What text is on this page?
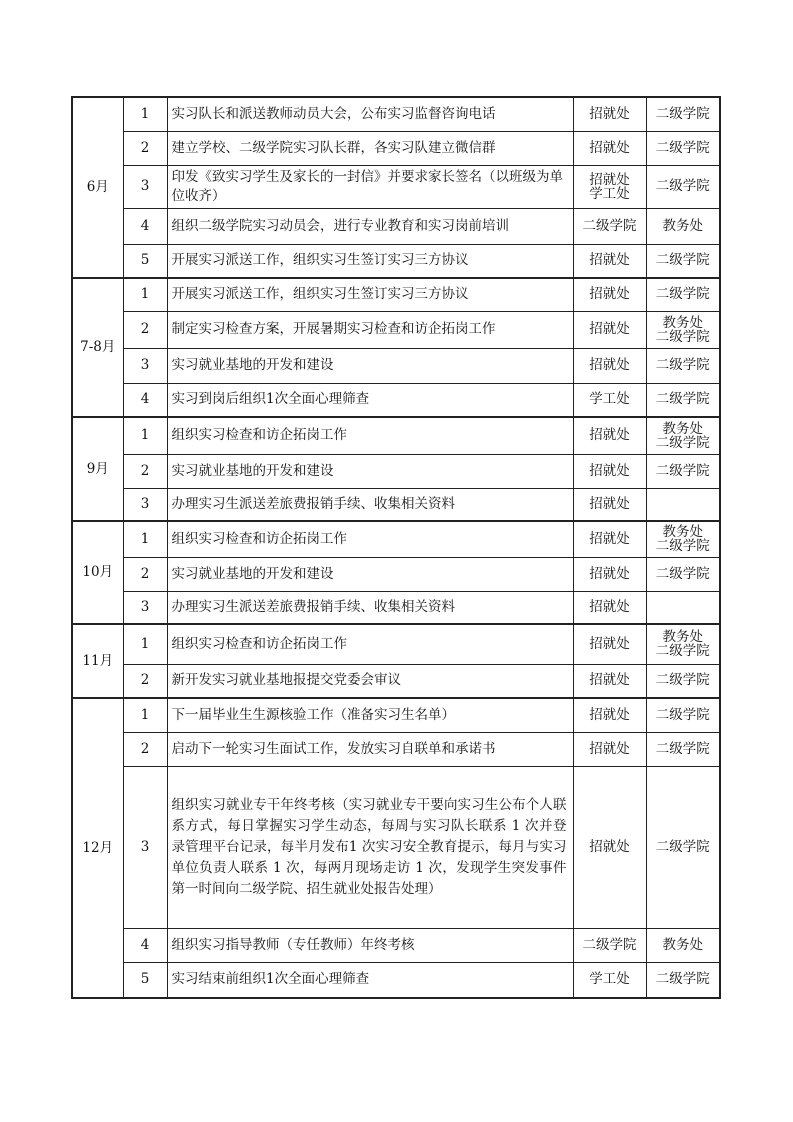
6月	1	实习队长和派送教师动员大会，公布实习监督咨询电话	招就处	二级学院

	2	建立学校、二级学院实习队长群，各实习队建立微信群	招就处	二级学院

	3	印发《致实习学生及家长的一封信》并要求家长签名（以班级为单位收齐）	招就处
学工处	二级学院

	4	组织二级学院实习动员会，进行专业教育和实习岗前培训	二级学院	教务处

	5	开展实习派送工作，组织实习生签订实习三方协议	招就处	二级学院

7-8月	1	开展实习派送工作，组织实习生签订实习三方协议	招就处	二级学院

	2	制定实习检查方案，开展暑期实习检查和访企拓岗工作	招就处	教务处
二级学院

	3	实习就业基地的开发和建设	招就处	二级学院

	4	实习到岗后组织1次全面心理筛查	学工处	二级学院

9月	1	组织实习检查和访企拓岗工作	招就处	教务处
二级学院

	2	实习就业基地的开发和建设	招就处	二级学院

	3	办理实习生派送差旅费报销手续、收集相关资料	招就处	

10月	1	组织实习检查和访企拓岗工作	招就处	教务处
二级学院

	2	实习就业基地的开发和建设	招就处	二级学院

	3	办理实习生派送差旅费报销手续、收集相关资料	招就处	

11月	1	组织实习检查和访企拓岗工作	招就处	教务处
二级学院

	2	新开发实习就业基地报提交党委会审议	招就处	二级学院

12月	1	下一届毕业生生源核验工作（准备实习生名单）	招就处	二级学院

	2	启动下一轮实习生面试工作，发放实习自联单和承诺书	招就处	二级学院

	3	组织实习就业专干年终考核（实习就业专干要向实习生公布个人联系方式，每日掌握实习学生动态，每周与实习队长联系 1 次并登录管理平台记录，每半月发布1 次实习安全教育提示，每月与实习单位负责人联系 1 次，每两月现场走访 1 次，发现学生突发事件第一时间向二级学院、招生就业处报告处理）	招就处	二级学院

	4	组织实习指导教师（专任教师）年终考核	二级学院	教务处

	5	实习结束前组织1次全面心理筛查	学工处	二级学院
